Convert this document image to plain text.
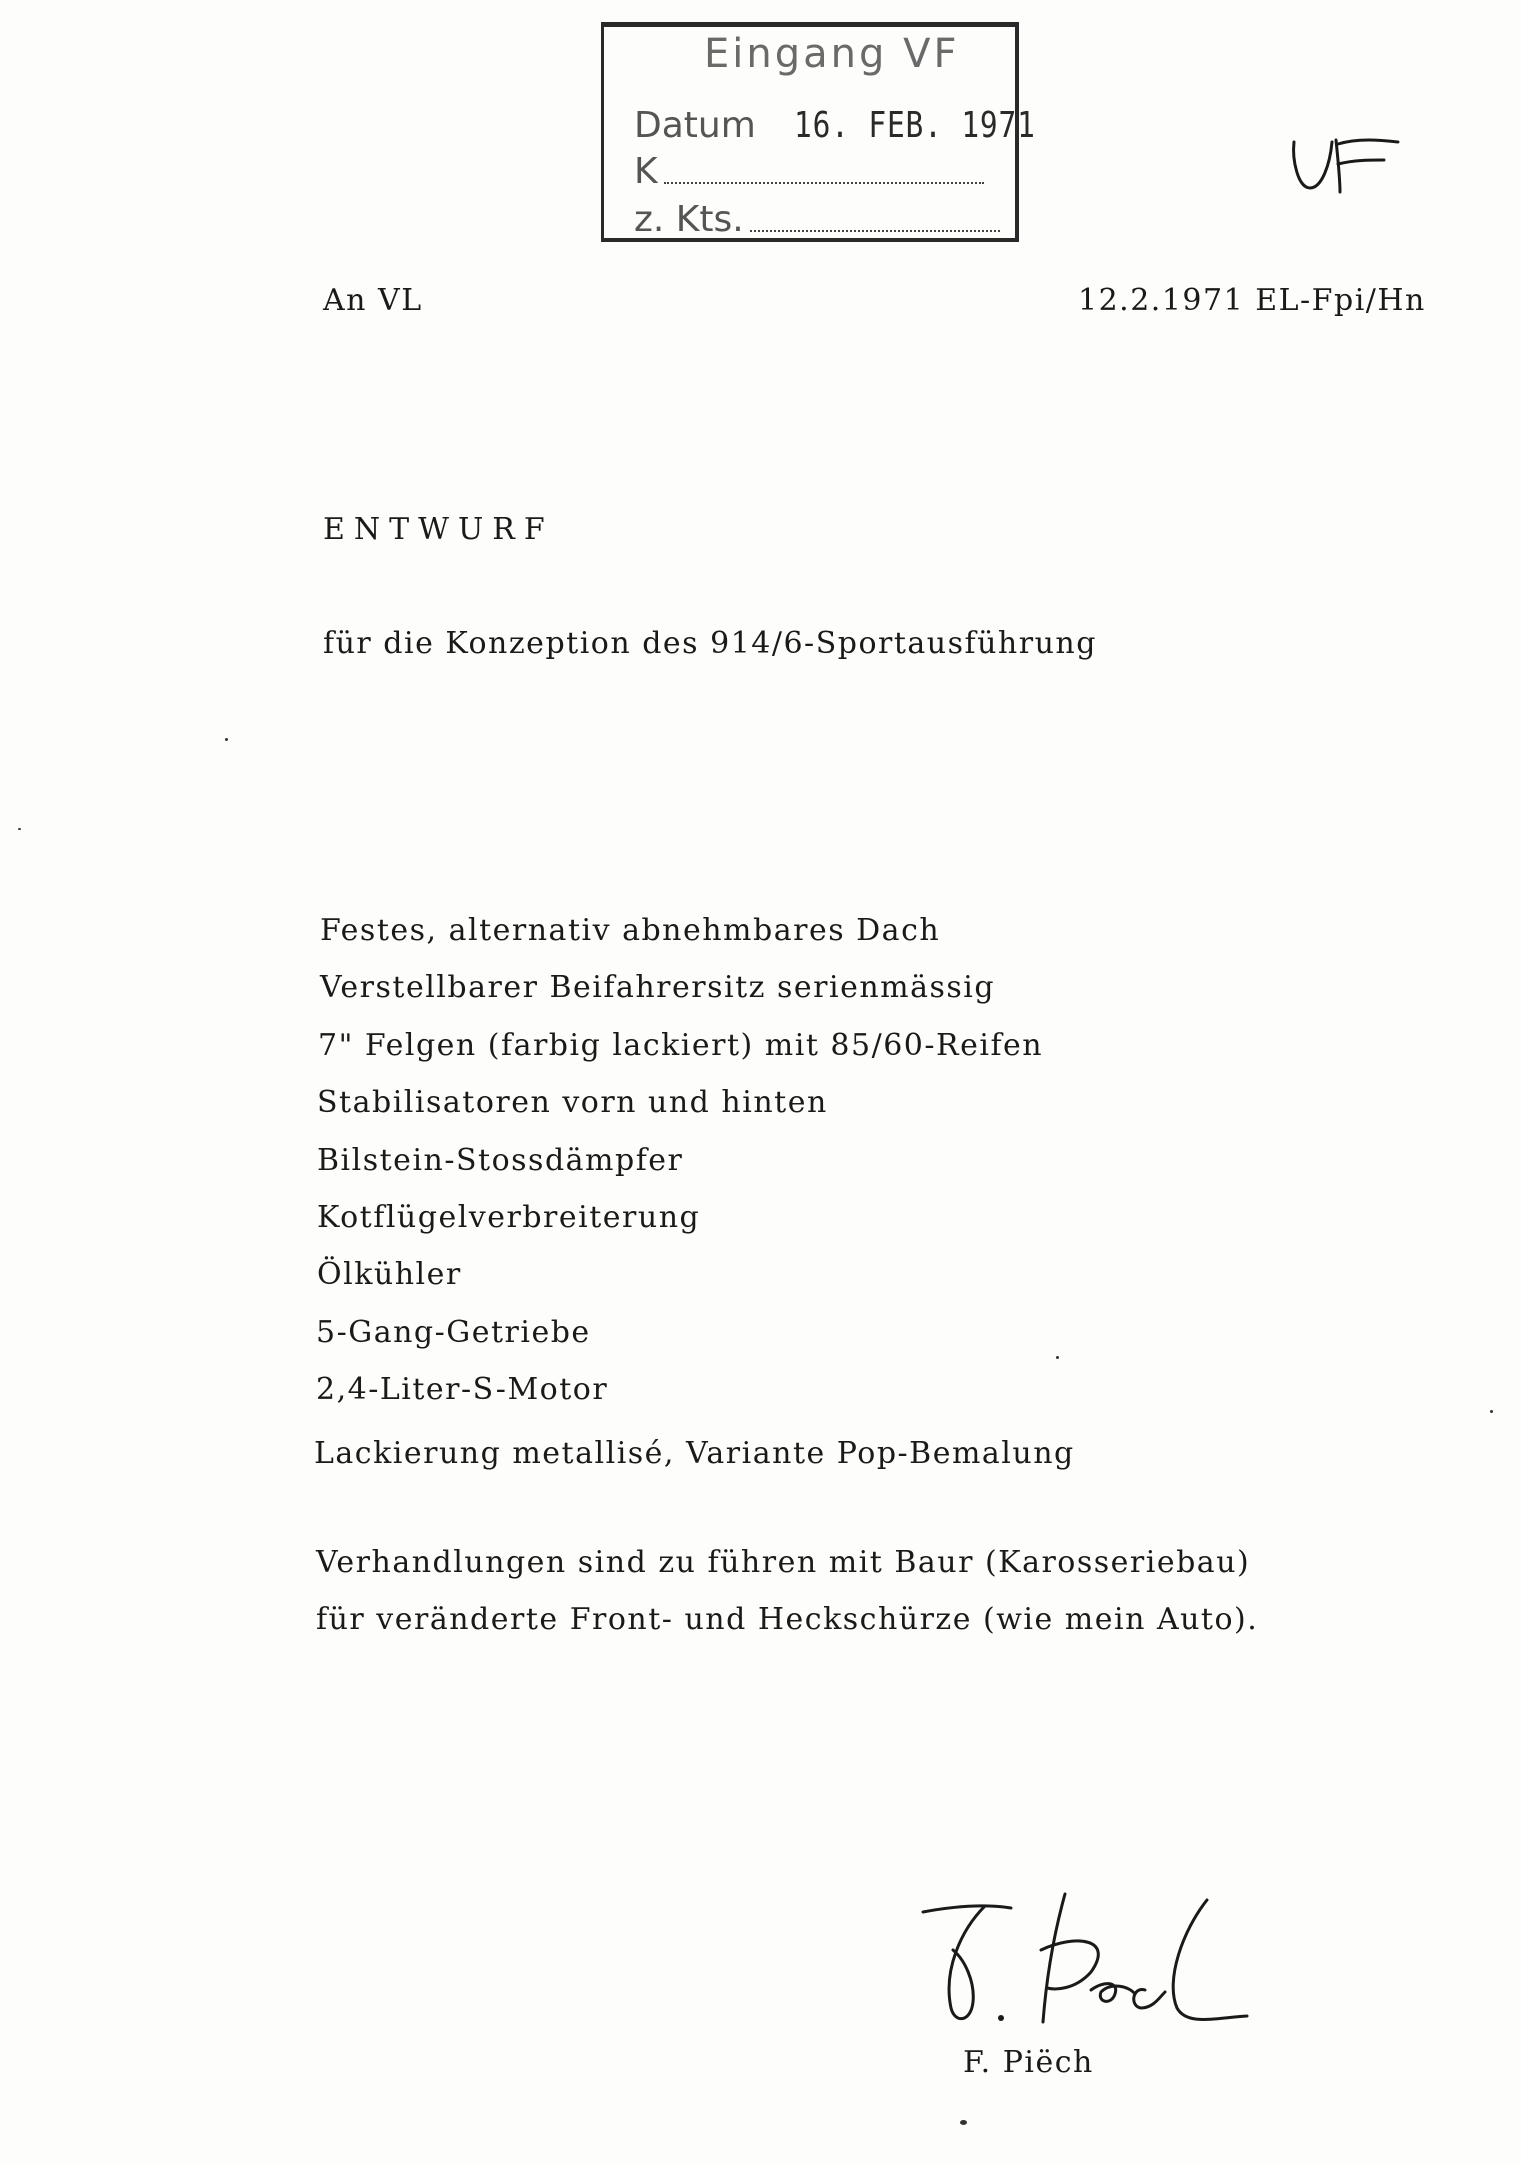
Eingang VF
Datum 16. FEB. 1971
K
z. Kts.
An VL	12.2.1971 EL-Fpi/Hn
ENTWURF
für die Konzeption des 914/6-Sportausführung
Festes, alternativ abnehmbares Dach
Verstellbarer Beifahrersitz serienmässig
7" Felgen (farbig lackiert) mit 85/60-Reifen
Stabilisatoren vorn und hinten
Bilstein-Stossdämpfer
Kotflügelverbreiterung
Ölkühler
5-Gang-Getriebe
2,4-Liter-S-Motor
Lackierung metallisé, Variante Pop-Bemalung
Verhandlungen sind zu führen mit Baur (Karosseriebau)
für veränderte Front- und Heckschürze (wie mein Auto).
F. Piëch
